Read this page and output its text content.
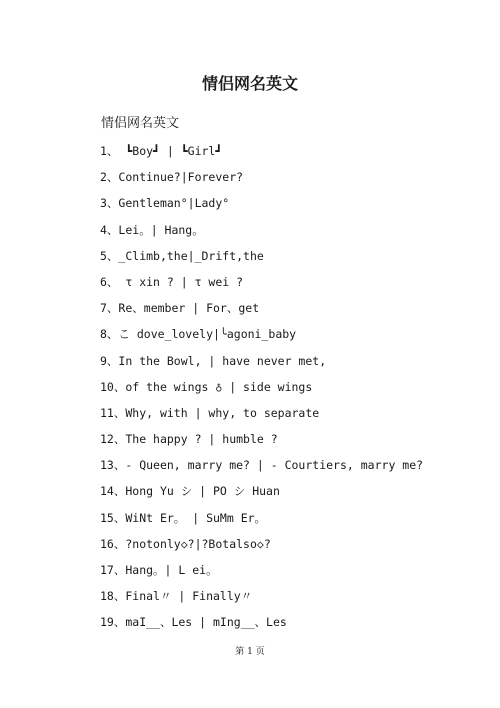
情侣网名英文
情侣网名英文
1、 ┗Boy┛ | ┗Girl┛
2、Continue?|Forever?
3、Gentleman°|Lady°
4、Lei。| Hang。
5、_Climb,the|_Drift,the
6、 τ xin ? | τ wei ?
7、Re、member | For、get
8、こ dove_lovely|╰agoni_baby
9、In the Bowl, | have never met,
10、of the wings ♁ | side wings
11、Why, with | why, to separate
12、The happy ? | humble ?
13、- Queen, marry me? | - Courtiers, marry me?
14、Hong Yu シ | PO シ Huan
15、WiNt Er。 | SuMm Er。
16、?notonly◇?|?Botalso◇?
17、Hang。| L ei。
18、Final〃 | Finally〃
19、maI__、Les | mIng__、Les
第 1 页
